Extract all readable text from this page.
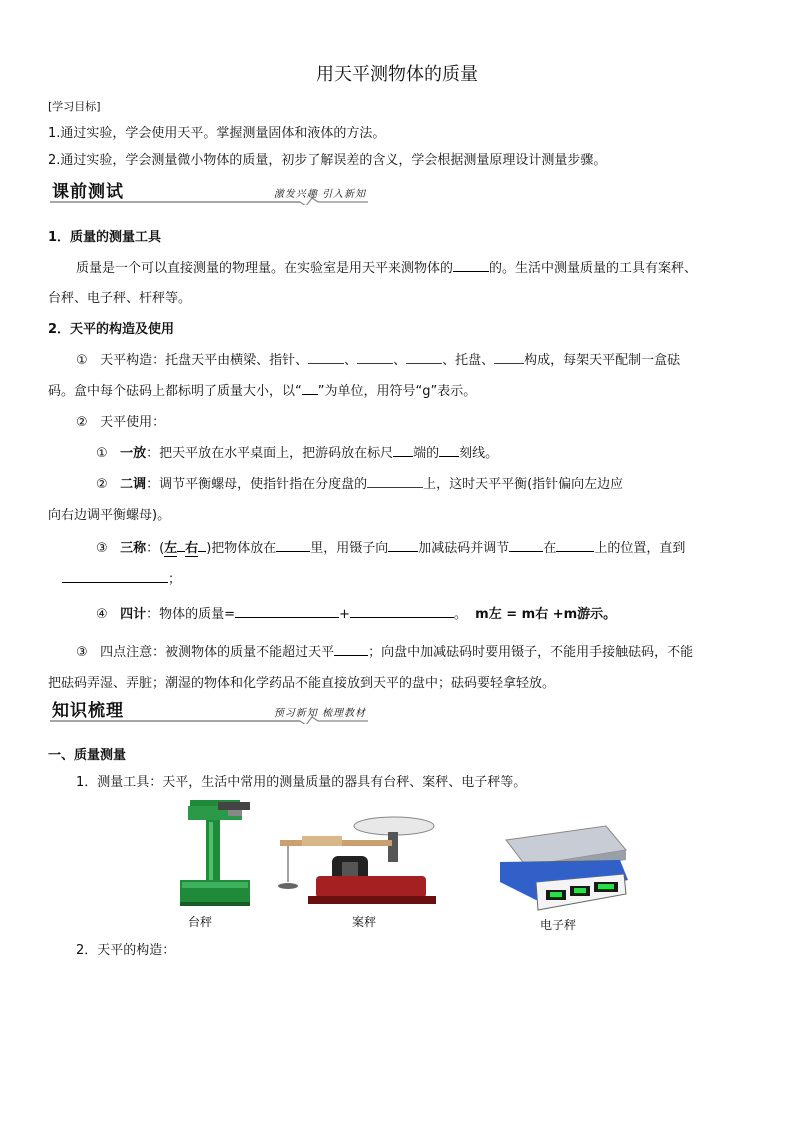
用天平测物体的质量
[学习目标]
1.通过实验，学会使用天平。掌握测量固体和液体的方法。
2.通过实验，学会测量微小物体的质量，初步了解误差的含义，学会根据测量原理设计测量步骤。
课前测试	激发兴趣 引入新知
1．质量的测量工具
质量是一个可以直接测量的物理量。在实验室是用天平来测物体的	的。生活中测量质量的工具有案秤、
台秤、电子秤、杆秤等。
2．天平的构造及使用
① 天平构造：托盘天平由横梁、指针、	、	、	、托盘、 构成，每架天平配制一盒砝
码。盒中每个砝码上都标明了质量大小，以“ ”为单位，用符号“g”表示。
② 天平使用：
① 一放：把天平放在水平桌面上，把游码放在标尺 端的 刻线。
② 二调：调节平衡螺母，使指针指在分度盘的	上，这时天平平衡(指针偏向左边应
向右边调平衡螺母)。
③ 三称：(左 右 )把物体放在	里，用镊子向 加减砝码并调节	在	上的位置，直到
；
④ 四计：物体的质量=	+	。 m左 = m右 +m游示。
③ 四点注意：被测物体的质量不能超过天平	；向盘中加减砝码时要用镊子，不能用手接触砝码，不能
把砝码弄湿、弄脏；潮湿的物体和化学药品不能直接放到天平的盘中；砝码要轻拿轻放。
知识梳理	预习新知 梳理教材
一、质量测量
1．测量工具：天平，生活中常用的测量质量的器具有台秤、案秤、电子秤等。
台秤	案秤	电子秤
2．天平的构造：
